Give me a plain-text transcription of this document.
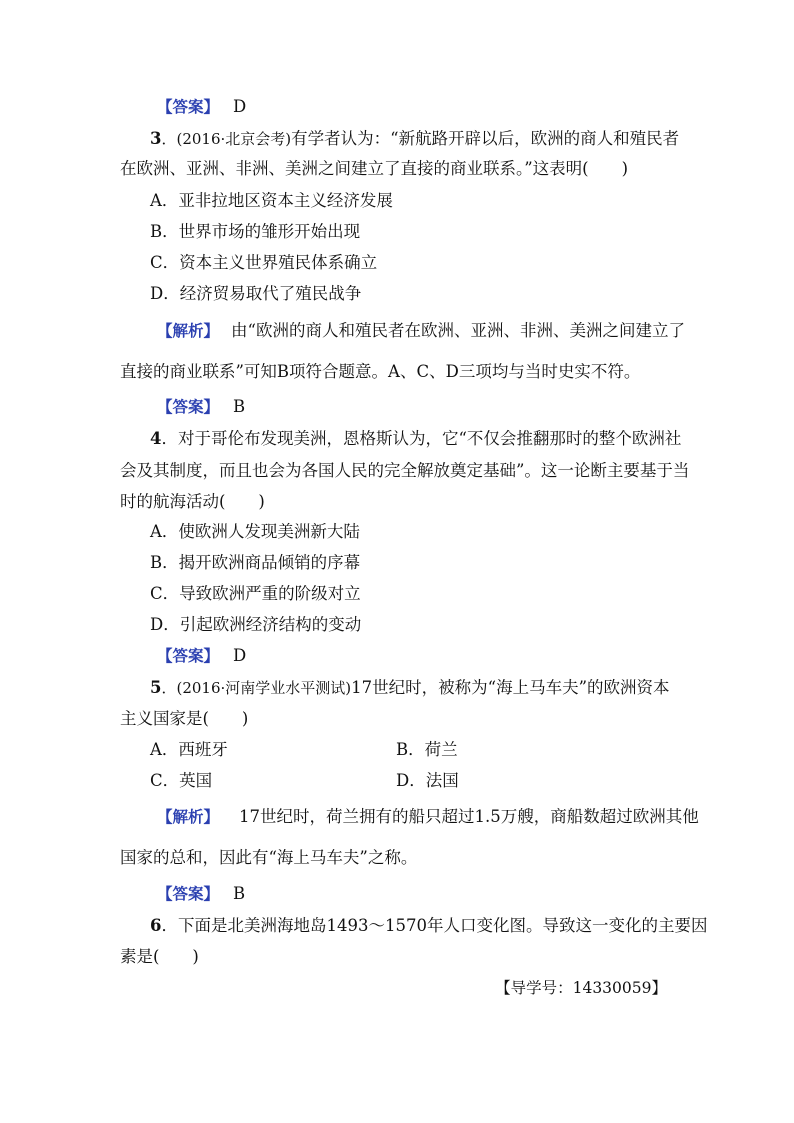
【答案】 D
3．(2016·北京会考)有学者认为：“新航路开辟以后，欧洲的商人和殖民者
在欧洲、亚洲、非洲、美洲之间建立了直接的商业联系。”这表明(　　)
A．亚非拉地区资本主义经济发展
B．世界市场的雏形开始出现
C．资本主义世界殖民体系确立
D．经济贸易取代了殖民战争
【解析】 由“欧洲的商人和殖民者在欧洲、亚洲、非洲、美洲之间建立了
直接的商业联系”可知B项符合题意。A、C、D三项均与当时史实不符。
【答案】 B
4．对于哥伦布发现美洲，恩格斯认为，它“不仅会推翻那时的整个欧洲社
会及其制度，而且也会为各国人民的完全解放奠定基础”。这一论断主要基于当
时的航海活动(　　)
A．使欧洲人发现美洲新大陆
B．揭开欧洲商品倾销的序幕
C．导致欧洲严重的阶级对立
D．引起欧洲经济结构的变动
【答案】 D
5．(2016·河南学业水平测试)17世纪时，被称为“海上马车夫”的欧洲资本
主义国家是(　　)
A．西班牙	B．荷兰
C．英国	D．法国
【解析】 17世纪时，荷兰拥有的船只超过1.5万艘，商船数超过欧洲其他
国家的总和，因此有“海上马车夫”之称。
【答案】 B
6．下面是北美洲海地岛1493～1570年人口变化图。导致这一变化的主要因
素是(　　)
【导学号：14330059】
